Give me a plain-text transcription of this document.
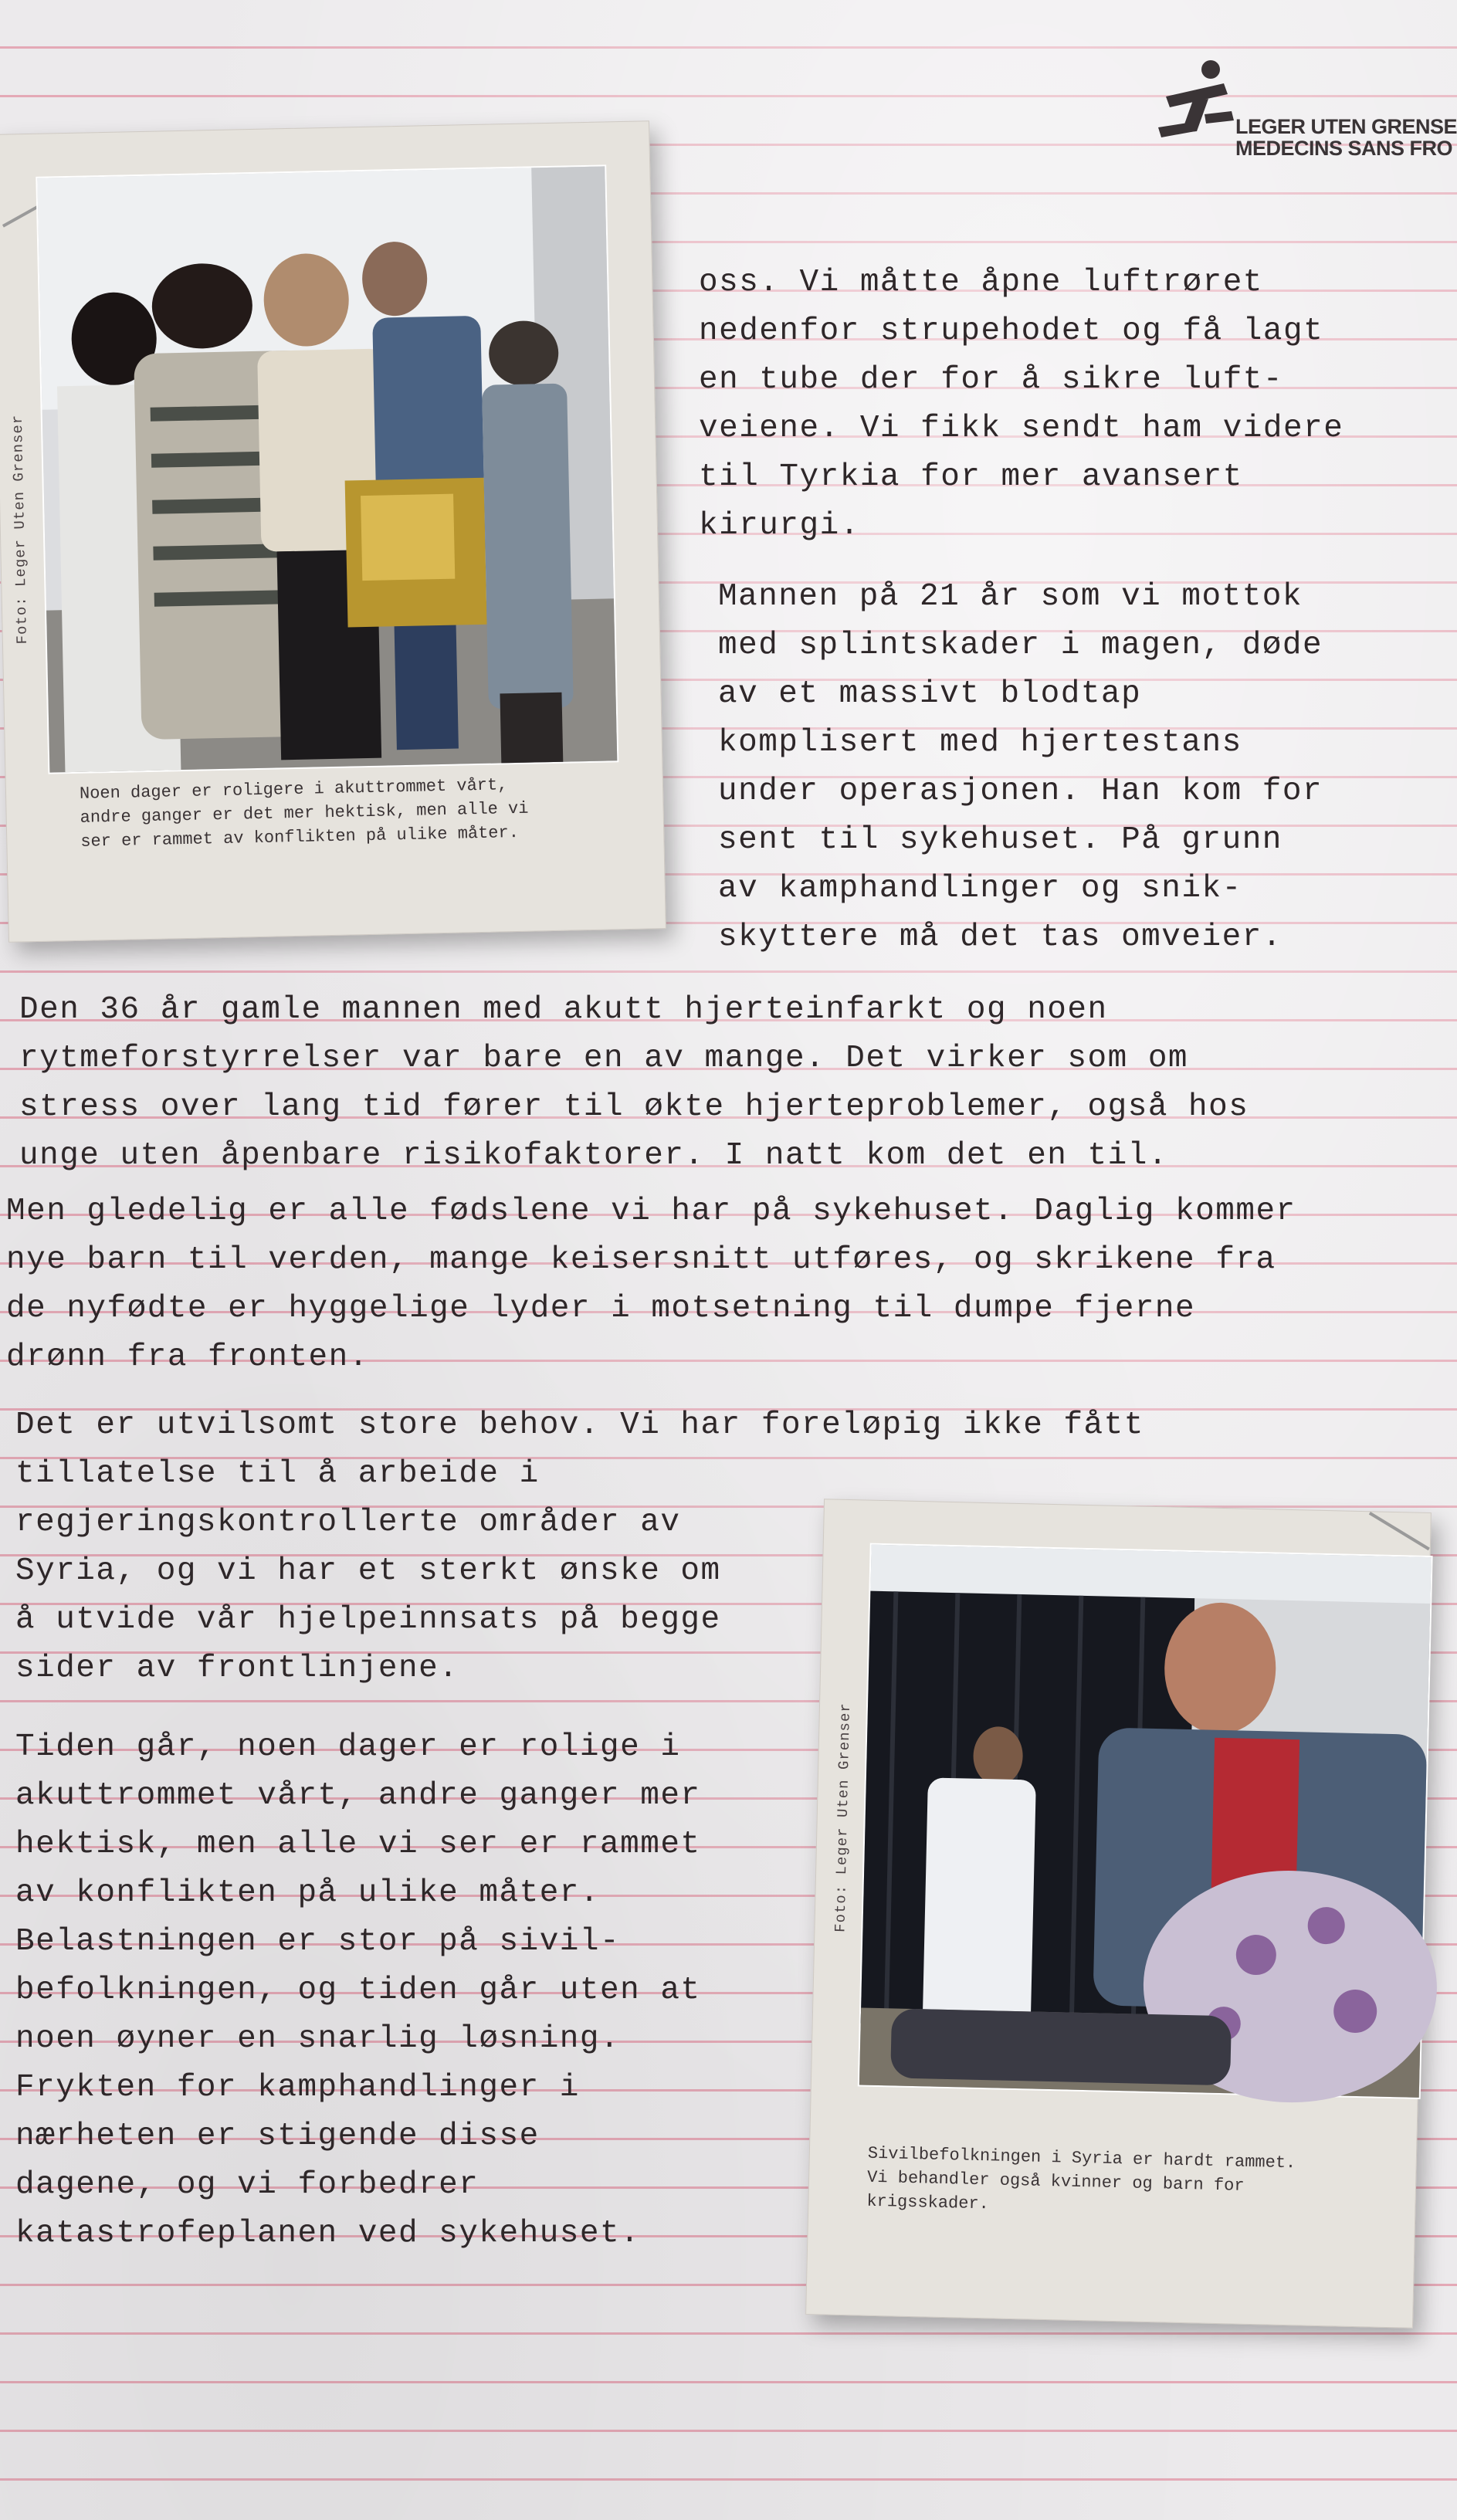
LEGER UTEN GRENSE
MEDECINS SANS FRO
Foto: Leger Uten Grenser
Noen dager er roligere i akuttrommet vårt,
andre ganger er det mer hektisk, men alle vi
ser er rammet av konflikten på ulike måter.
Foto: Leger Uten Grenser
Sivilbefolkningen i Syria er hardt rammet.
Vi behandler også kvinner og barn for
krigsskader.
oss. Vi måtte åpne luftrøret
nedenfor strupehodet og få lagt
en tube der for å sikre luft-
veiene. Vi fikk sendt ham videre
til Tyrkia for mer avansert
kirurgi.
Mannen på 21 år som vi mottok
med splintskader i magen, døde
av et massivt blodtap
komplisert med hjertestans
under operasjonen. Han kom for
sent til sykehuset. På grunn
av kamphandlinger og snik-
skyttere må det tas omveier.
Den 36 år gamle mannen med akutt hjerteinfarkt og noen
rytmeforstyrrelser var bare en av mange. Det virker som om
stress over lang tid fører til økte hjerteproblemer, også hos
unge uten åpenbare risikofaktorer. I natt kom det en til.
Men gledelig er alle fødslene vi har på sykehuset. Daglig kommer
nye barn til verden, mange keisersnitt utføres, og skrikene fra
de nyfødte er hyggelige lyder i motsetning til dumpe fjerne
drønn fra fronten.
Det er utvilsomt store behov. Vi har foreløpig ikke fått
tillatelse til å arbeide i
regjeringskontrollerte områder av
Syria, og vi har et sterkt ønske om
å utvide vår hjelpeinnsats på begge
sider av frontlinjene.
Tiden går, noen dager er rolige i
akuttrommet vårt, andre ganger mer
hektisk, men alle vi ser er rammet
av konflikten på ulike måter.
Belastningen er stor på sivil-
befolkningen, og tiden går uten at
noen øyner en snarlig løsning.
Frykten for kamphandlinger i
nærheten er stigende disse
dagene, og vi forbedrer
katastrofeplanen ved sykehuset.
